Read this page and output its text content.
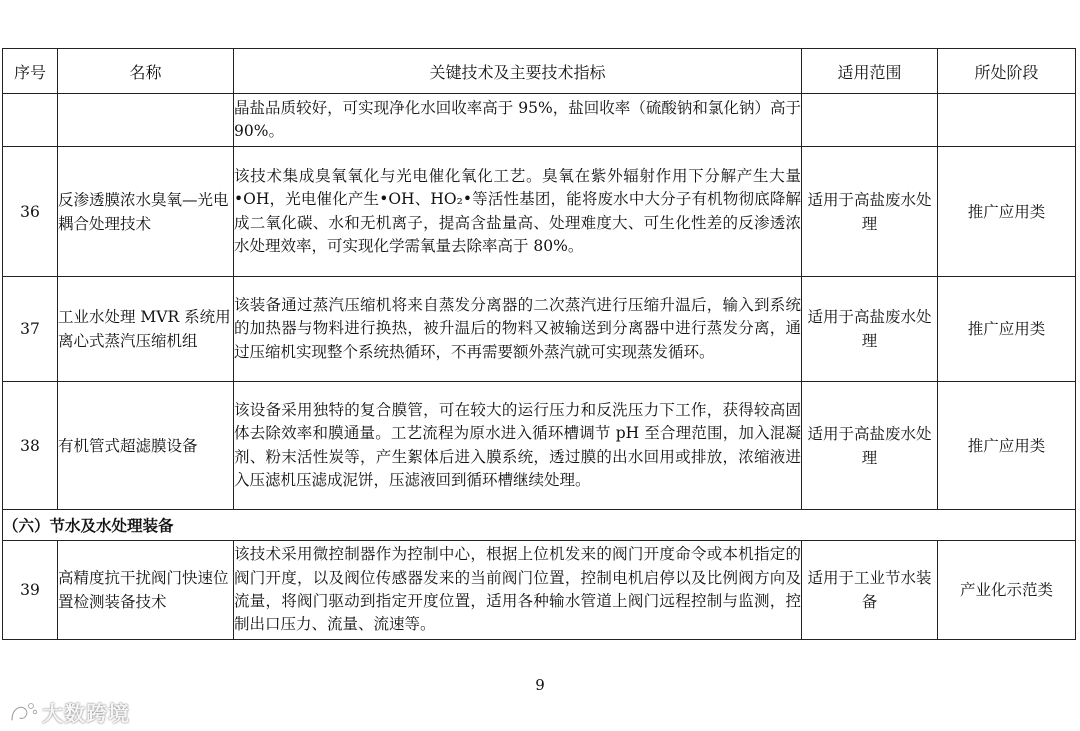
序号	名称	关键技术及主要技术指标	适用范围	所处阶段
		晶盐品质较好，可实现净化水回收率高于 95%，盐回收率（硫酸钠和氯化钠）高于 90%。		
36	反渗透膜浓水臭氧—光电耦合处理技术	该技术集成臭氧氧化与光电催化氧化工艺。臭氧在紫外辐射作用下分解产生大量•OH，光电催化产生•OH、HO₂•等活性基团，能将废水中大分子有机物彻底降解成二氧化碳、水和无机离子，提高含盐量高、处理难度大、可生化性差的反渗透浓水处理效率，可实现化学需氧量去除率高于 80%。	适用于高盐废水处理	推广应用类
37	工业水处理 MVR 系统用离心式蒸汽压缩机组	该装备通过蒸汽压缩机将来自蒸发分离器的二次蒸汽进行压缩升温后，输入到系统的加热器与物料进行换热，被升温后的物料又被输送到分离器中进行蒸发分离，通过压缩机实现整个系统热循环，不再需要额外蒸汽就可实现蒸发循环。	适用于高盐废水处理	推广应用类
38	有机管式超滤膜设备	该设备采用独特的复合膜管，可在较大的运行压力和反洗压力下工作，获得较高固体去除效率和膜通量。工艺流程为原水进入循环槽调节 pH 至合理范围，加入混凝剂、粉末活性炭等，产生絮体后进入膜系统，透过膜的出水回用或排放，浓缩液进入压滤机压滤成泥饼，压滤液回到循环槽继续处理。	适用于高盐废水处理	推广应用类
（六）节水及水处理装备				
39	高精度抗干扰阀门快速位置检测装备技术	该技术采用微控制器作为控制中心，根据上位机发来的阀门开度命令或本机指定的阀门开度，以及阀位传感器发来的当前阀门位置，控制电机启停以及比例阀方向及流量，将阀门驱动到指定开度位置，适用各种输水管道上阀门远程控制与监测，控制出口压力、流量、流速等。	适用于工业节水装备	产业化示范类
9
大数跨境
